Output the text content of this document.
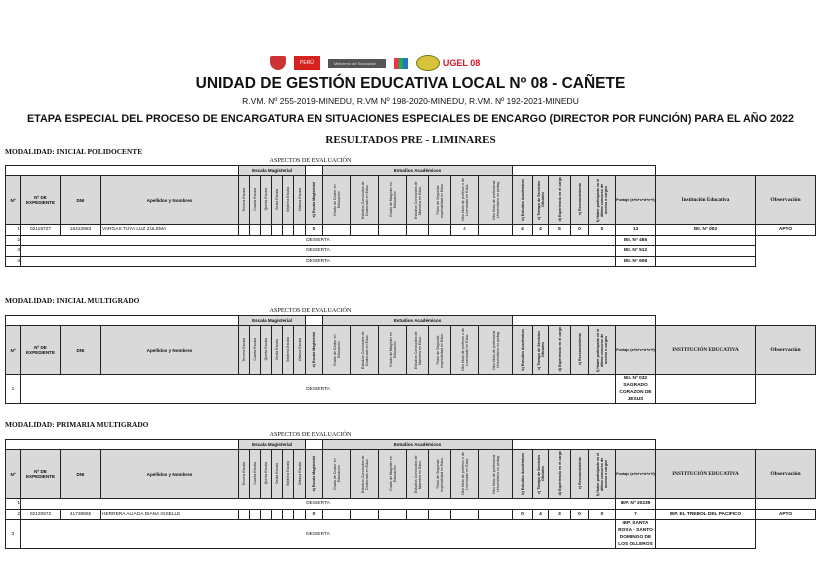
PERÚ	Ministerio de Educación	UGEL 08
UNIDAD DE GESTIÓN EDUCATIVA LOCAL Nº 08 - CAÑETE
R.VM. Nº 255-2019-MINEDU, R.VM Nº 198-2020-MINEDU, R.VM. Nº 192-2021-MINEDU
ETAPA ESPECIAL DEL PROCESO DE ENCARGATURA EN SITUACIONES ESPECIALES DE ENCARGO (DIRECTOR POR FUNCIÓN) PARA EL AÑO 2022
RESULTADOS PRE - LIMINARES
MODALIDAD: INICIAL POLIDOCENTE
ASPECTOS DE EVALUACIÓN																									
				Escala Magisterial							Estudios Académicos														
Nº	Nº DE EXPEDIENTE	DNI	Apellidos y Nombres	Tercera Escala	Cuarta Escala	Quinta Escala	Sexta Escala	Séptima Escala	Octava Escala	a) Escala Magisterial	Grado de Doctor en Educación	Estudios Concluidos de Doctorado en Educ.	Grado de Magíster en Educación	Estudios Concluidos de Maestría en Educ.	Título de Segunda especialidad en Educ.	Otro título de profesor o de Licenciado en Educ.	Otro título de profesional Universitario no pedag.	b) Estudios Académicos	c) Tiempo de Servicios Oficiales	d) Experiencia en el cargo	e) Reconocimiento	f) Haber participado en el último concurso de acceso a cargos	Puntaje (a+b+c+d+e+f)	Institución Educativa	Observación
1	02119727	15422963	VARGAS TUYA LUZ ZULEMA							0						4		4	4	5	0	0	13	IEI. N° 002	APTO
2	DESIERTA																						IEI. N° 465		
3	DESIERTA																						IEI. N° 512		
4	DESIERTA																						IEI. N° 608		
MODALIDAD: INICIAL MULTIGRADO
ASPECTOS DE EVALUACIÓN																									
				Escala Magisterial							Estudios Académicos														
Nº	Nº DE EXPEDIENTE	DNI	Apellidos y Nombres	Tercera Escala	Cuarta Escala	Quinta Escala	Sexta Escala	Séptima Escala	Octava Escala	a) Escala Magisterial	Grado de Doctor en Educación	Estudios Concluidos de Doctorado en Educ.	Grado de Magíster en Educación	Estudios Concluidos de Maestría en Educ.	Título de Segunda especialidad en Educ.	Otro título de profesor o de Licenciado en Educ.	Otro título de profesional Universitario no pedag.	b) Estudios Académicos	c) Tiempo de Servicios Oficiales	d) Experiencia en el cargo	e) Reconocimiento	f) Haber participado en el último concurso de acceso a cargos	Puntaje (a+b+c+d+e+f)	INSTITUCIÓN EDUCATIVA	Observación
1	DESIERTA																						IEI. Nº 032 SAGRADO CORAZON DE JESUS		
MODALIDAD: PRIMARIA MULTIGRADO
ASPECTOS DE EVALUACIÓN																									
				Escala Magisterial							Estudios Académicos														
Nº	Nº DE EXPEDIENTE	DNI	Apellidos y Nombres	Tercera Escala	Cuarta Escala	Quinta Escala	Sexta Escala	Séptima Escala	Octava Escala	a) Escala Magisterial	Grado de Doctor en Educación	Estudios Concluidos de Doctorado en Educ.	Grado de Magíster en Educación	Estudios Concluidos de Maestría en Educ.	Título de Segunda especialidad en Educ.	Otro título de profesor o de Licenciado en Educ.	Otro título de profesional Universitario no pedag.	b) Estudios Académicos	c) Tiempo de Servicios Oficiales	d) Experiencia en el cargo	e) Reconocimiento	f) Haber participado en el último concurso de acceso a cargos	Puntaje (a+b+c+d+e+f)	INSTITUCIÓN EDUCATIVA	Observación
1	DESIERTA																						IEP. Nº 20239		
2	02120972	41739865	HERRERA ALIAGA DIANA GISELLE							0								0	4	3	0	0	7	IEP. EL TREBOL DEL PACIFICO	APTO
3	DESIERTA																						IEP. SANTA ROSA - SANTO DOMINGO DE LOS OLLEROS		
